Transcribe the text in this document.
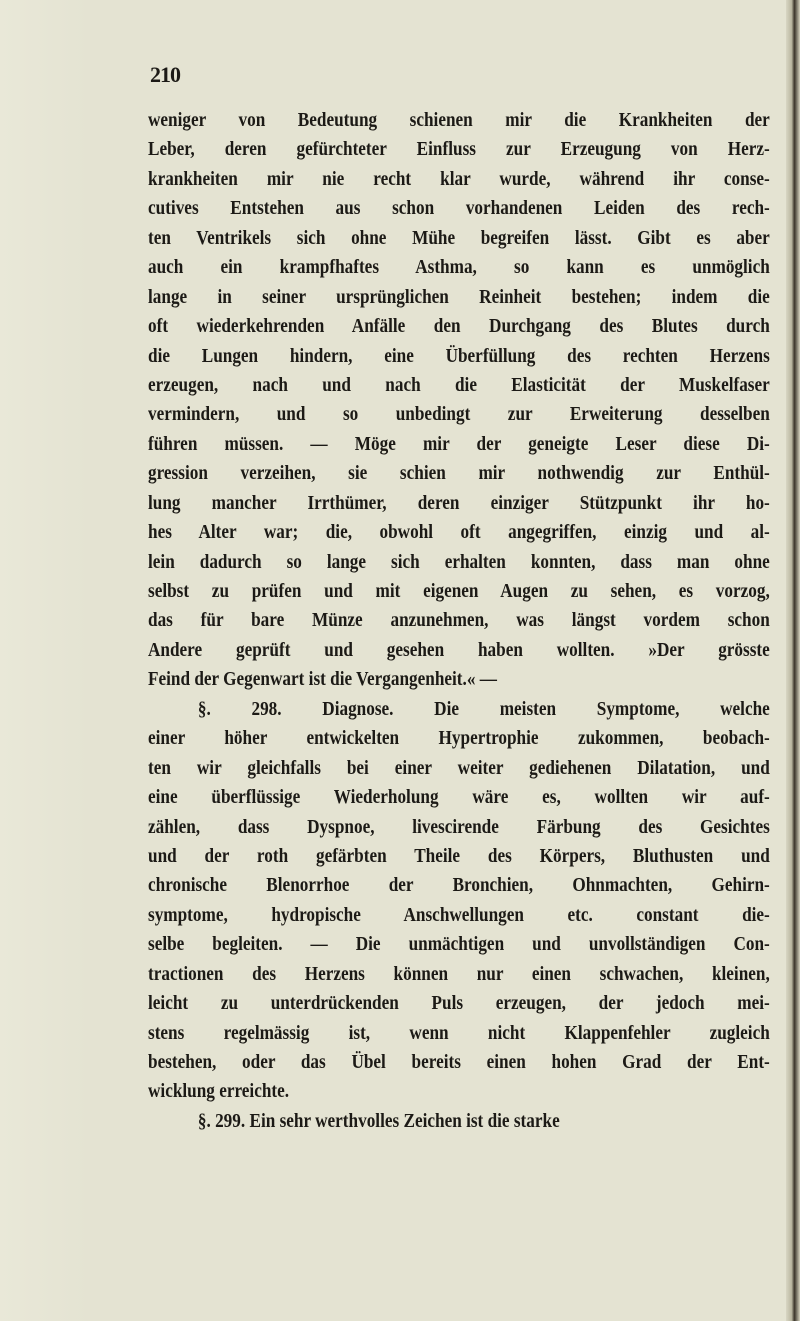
210
weniger von Bedeutung schienen mir die Krankheiten der
Leber, deren gefürchteter Einfluss zur Erzeugung von Herz-
krankheiten mir nie recht klar wurde, während ihr conse-
cutives Entstehen aus schon vorhandenen Leiden des rech-
ten Ventrikels sich ohne Mühe begreifen lässt. Gibt es aber
auch ein krampfhaftes Asthma, so kann es unmöglich
lange in seiner ursprünglichen Reinheit bestehen; indem die
oft wiederkehrenden Anfälle den Durchgang des Blutes durch
die Lungen hindern, eine Überfüllung des rechten Herzens
erzeugen, nach und nach die Elasticität der Muskelfaser
vermindern, und so unbedingt zur Erweiterung desselben
führen müssen. — Möge mir der geneigte Leser diese Di-
gression verzeihen, sie schien mir nothwendig zur Enthül-
lung mancher Irrthümer, deren einziger Stützpunkt ihr ho-
hes Alter war; die, obwohl oft angegriffen, einzig und al-
lein dadurch so lange sich erhalten konnten, dass man ohne
selbst zu prüfen und mit eigenen Augen zu sehen, es vorzog,
das für bare Münze anzunehmen, was längst vordem schon
Andere geprüft und gesehen haben wollten. »Der grösste
Feind der Gegenwart ist die Vergangenheit.« —
§. 298. Diagnose. Die meisten Symptome, welche
einer höher entwickelten Hypertrophie zukommen, beobach-
ten wir gleichfalls bei einer weiter gediehenen Dilatation, und
eine überflüssige Wiederholung wäre es, wollten wir auf-
zählen, dass Dyspnoe, livescirende Färbung des Gesichtes
und der roth gefärbten Theile des Körpers, Bluthusten und
chronische Blenorrhoe der Bronchien, Ohnmachten, Gehirn-
symptome, hydropische Anschwellungen etc. constant die-
selbe begleiten. — Die unmächtigen und unvollständigen Con-
tractionen des Herzens können nur einen schwachen, kleinen,
leicht zu unterdrückenden Puls erzeugen, der jedoch mei-
stens regelmässig ist, wenn nicht Klappenfehler zugleich
bestehen, oder das Übel bereits einen hohen Grad der Ent-
wicklung erreichte.
§. 299. Ein sehr werthvolles Zeichen ist die starke
